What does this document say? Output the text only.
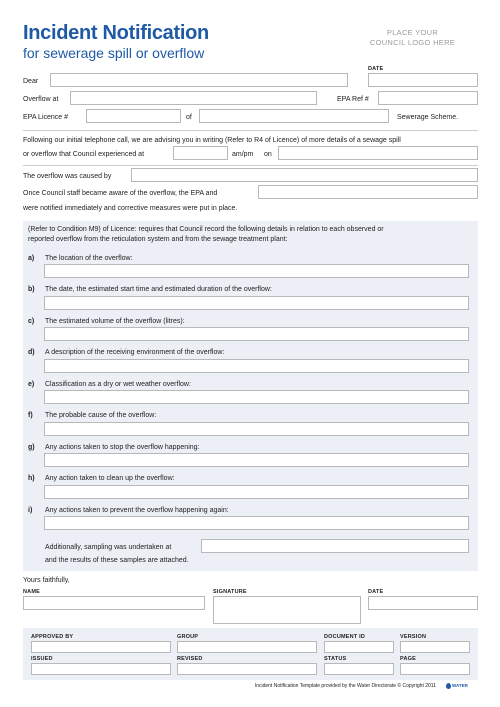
Incident Notification
for sewerage spill or overflow
PLACE YOUR
COUNCIL LOGO HERE
DATE
Dear
Overflow at	EPA Ref #
EPA Licence #	of	Sewerage Scheme.
Following our initial telephone call, we are advising you in writing (Refer to R4 of Licence) of more details of a sewage spill
or overflow that Council experienced at	am/pm on
The overflow was caused by
Once Council staff became aware of the overflow, the EPA and
were notified immediately and corrective measures were put in place.
(Refer to Condition M9) of Licence: requires that Council record the following details in relation to each observed or
reported overflow from the reticulation system and from the sewage treatment plant:
a) The location of the overflow:
b) The date, the estimated start time and estimated duration of the overflow:
c) The estimated volume of the overflow (litres):
d) A description of the receiving environment of the overflow:
e) Classification as a dry or wet weather overflow:
f) The probable cause of the overflow:
g) Any actions taken to stop the overflow happening:
h) Any action taken to clean up the overflow:
i) Any actions taken to prevent the overflow happening again:
Additionally, sampling was undertaken at
and the results of these samples are attached.
Yours faithfully,
NAME	SIGNATURE	DATE
APPROVED BY	GROUP	DOCUMENT ID	VERSION
ISSUED	REVISED	STATUS	PAGE
Incident Notification Template provided by the Water Directorate © Copyright 2011	WATER
